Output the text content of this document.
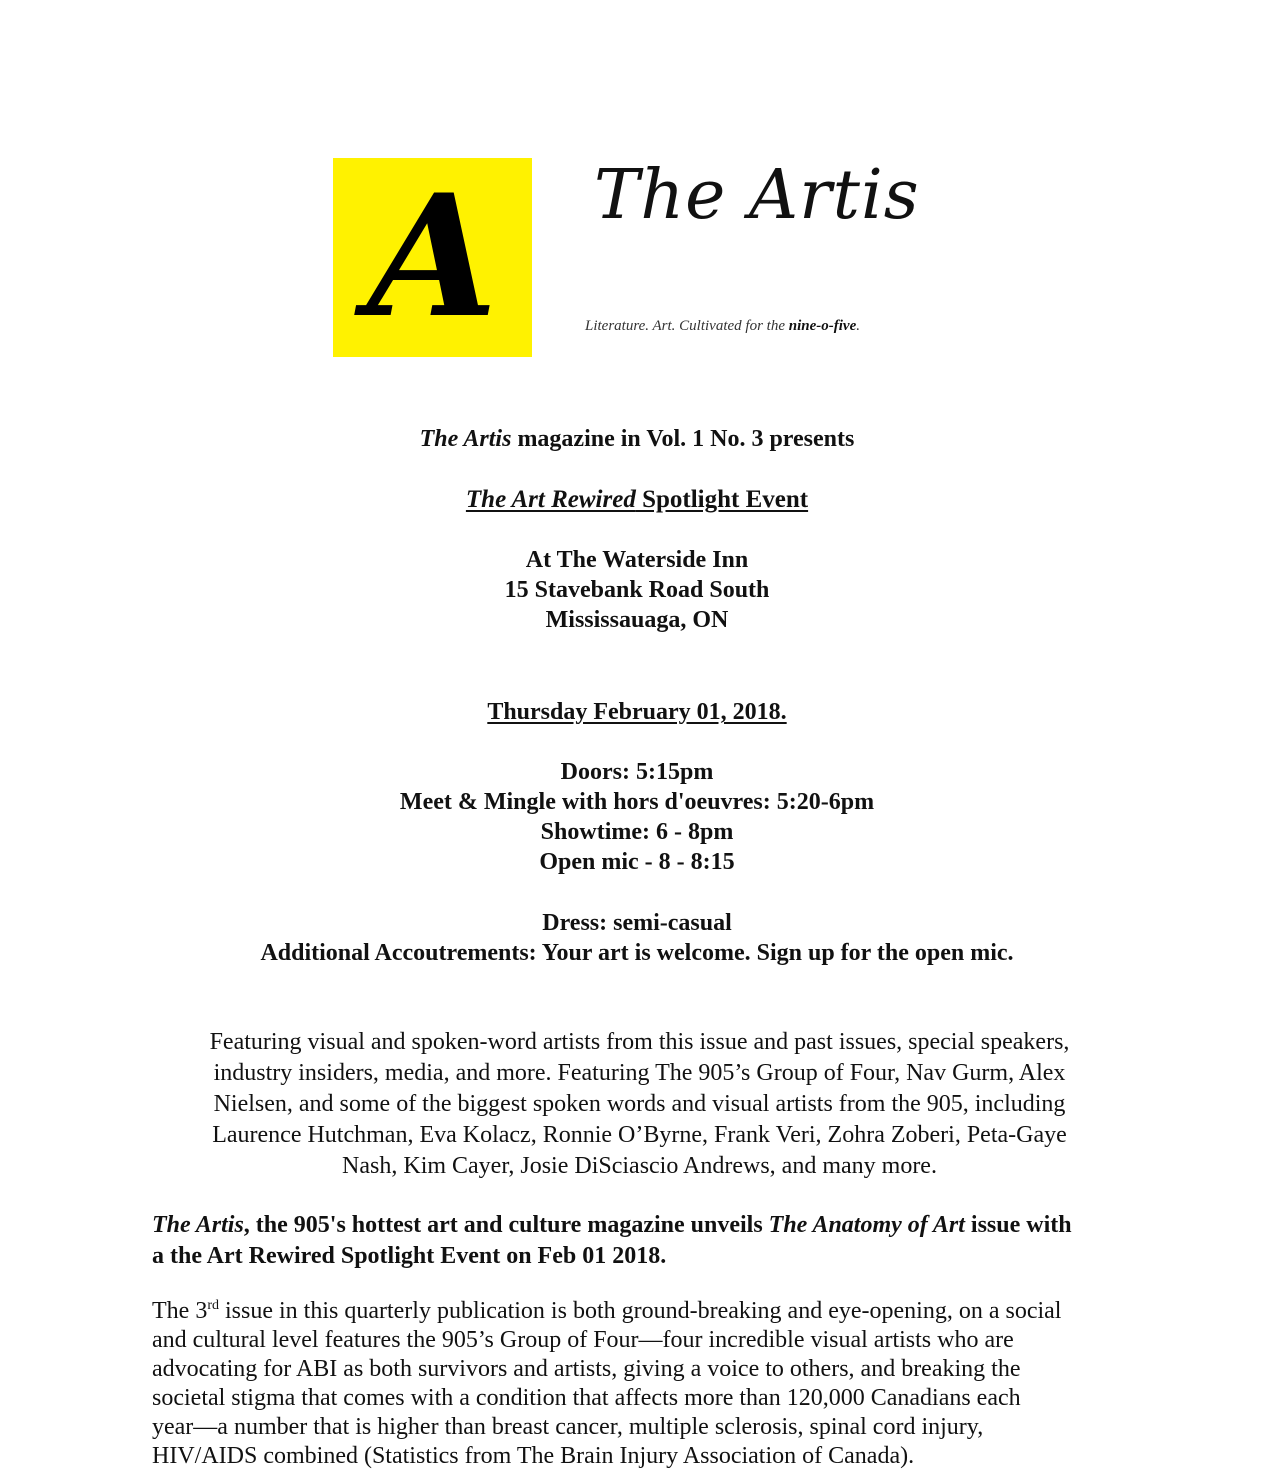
A	The Artis
Literature. Art. Cultivated for the nine-o-five.
The Artis magazine in Vol. 1 No. 3 presents
The Art Rewired Spotlight Event
At The Waterside Inn
15 Stavebank Road South
Mississauaga, ON
Thursday February 01, 2018.
Doors: 5:15pm
Meet & Mingle with hors d'oeuvres: 5:20-6pm
Showtime: 6 - 8pm
Open mic - 8 - 8:15
Dress: semi-casual
Additional Accoutrements: Your art is welcome. Sign up for the open mic.
Featuring visual and spoken-word artists from this issue and past issues, special speakers,
industry insiders, media, and more. Featuring The 905’s Group of Four, Nav Gurm, Alex
Nielsen, and some of the biggest spoken words and visual artists from the 905, including
Laurence Hutchman, Eva Kolacz, Ronnie O’Byrne, Frank Veri, Zohra Zoberi, Peta-Gaye
Nash, Kim Cayer, Josie DiSciascio Andrews, and many more.
The Artis, the 905's hottest art and culture magazine unveils The Anatomy of Art issue with
a the Art Rewired Spotlight Event on Feb 01 2018.
The 3rd issue in this quarterly publication is both ground-breaking and eye-opening, on a social
and cultural level features the 905’s Group of Four—four incredible visual artists who are
advocating for ABI as both survivors and artists, giving a voice to others, and breaking the
societal stigma that comes with a condition that affects more than 120,000 Canadians each
year—a number that is higher than breast cancer, multiple sclerosis, spinal cord injury,
HIV/AIDS combined (Statistics from The Brain Injury Association of Canada).
